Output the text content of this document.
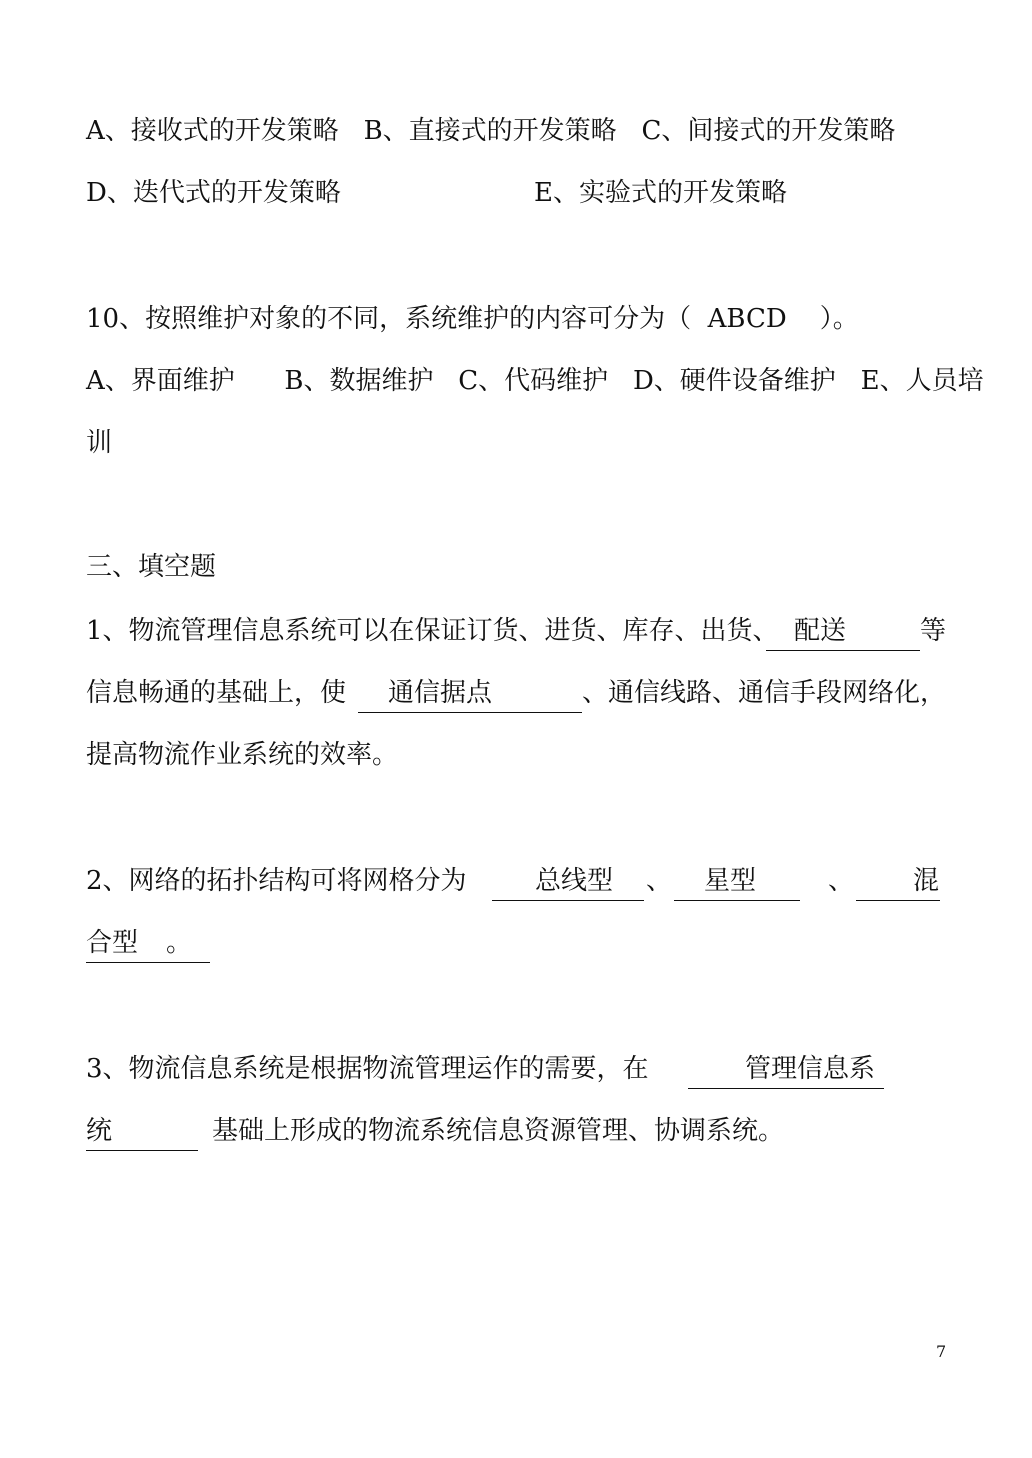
A、接收式的开发策略   B、直接式的开发策略   C、间接式的开发策略
D、迭代式的开发策略	E、实验式的开发策略
10、按照维护对象的不同，系统维护的内容可分为（  ABCD    ）。
A、界面维护      B、数据维护   C、代码维护   D、硬件设备维护   E、人员培
训
三、填空题
1、物流管理信息系统可以在保证订货、进货、库存、出货、 配送	等
信息畅通的基础上，使 通信据点	、通信线路、通信手段网络化，
提高物流作业系统的效率。
2、网络的拓扑结构可将网格分为	总线型 、 星型	、 混
合型 。
3、物流信息系统是根据物流管理运作的需要，在	管理信息系
统	基础上形成的物流系统信息资源管理、协调系统。
7
